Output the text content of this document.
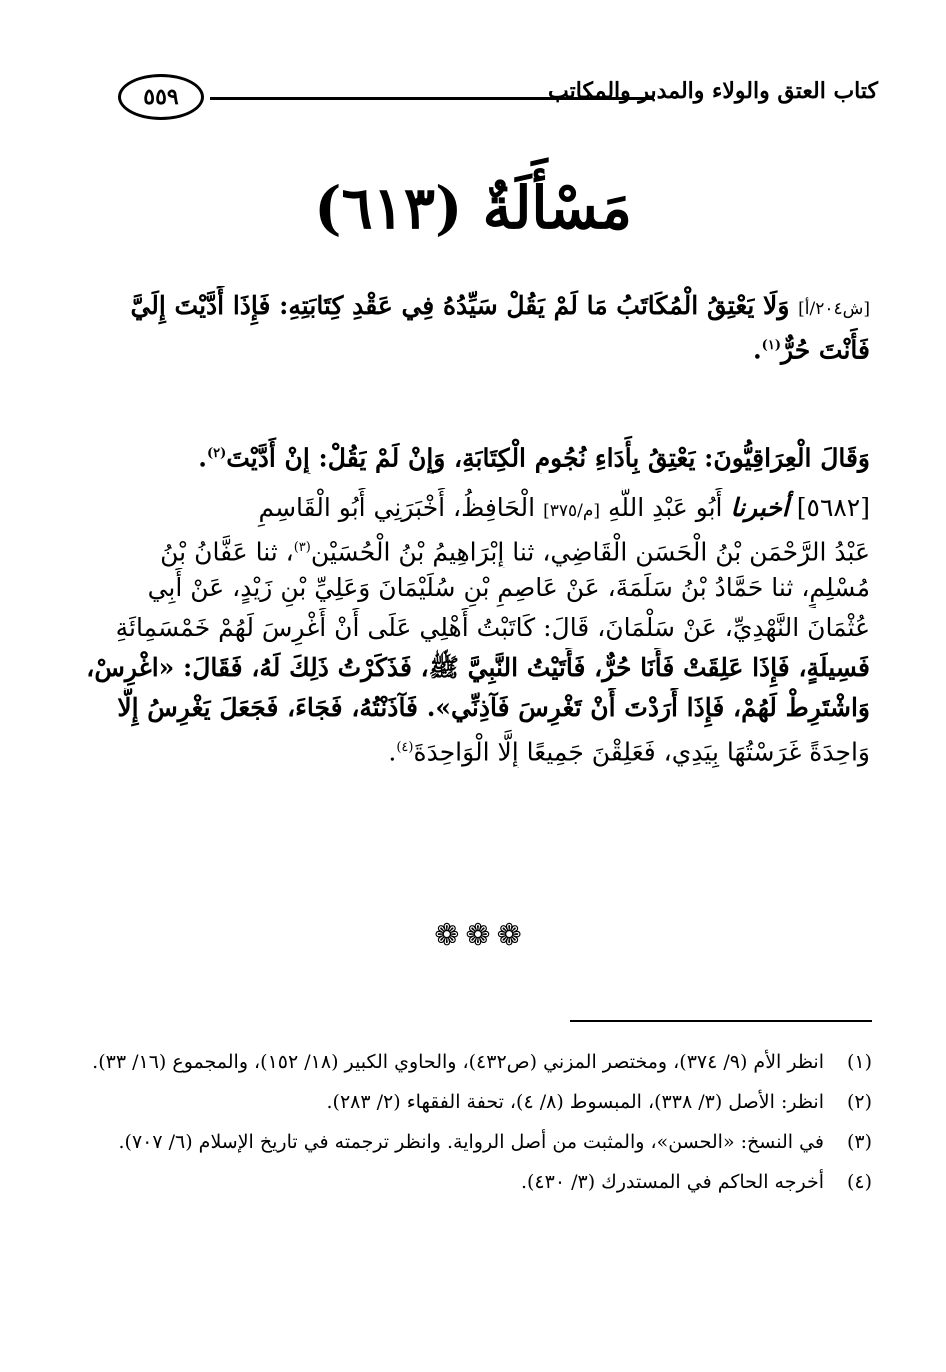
٥٥٩	كتاب العتق والولاء والمدبر والمكاتب
مَسْأَلَةٌ (٦١٣)
[ش٢٠٤/أ] وَلَا يَعْتِقُ الْمُكَاتَبُ مَا لَمْ يَقُلْ سَيِّدُهُ فِي عَقْدِ كِتَابَتِهِ: فَإِذَا أَدَّيْتَ إِلَيَّ
فَأَنْتَ حُرٌّ$^{(١)}$.
وَقَالَ الْعِرَاقِيُّونَ: يَعْتِقُ بِأَدَاءِ نُجُومِ الْكِتَابَةِ، وَإِنْ لَمْ يَقُلْ: إِنْ أَدَّيْتَ$^{(٢)}$.
[٥٦٨٢] أخبرنا أَبُو عَبْدِ اللَّهِ [م/٣٧٥] الْحَافِظُ، أَخْبَرَنِي أَبُو الْقَاسِمِ
عَبْدُ الرَّحْمَنِ بْنُ الْحَسَنِ الْقَاضِي، ثنا إِبْرَاهِيمُ بْنُ الْحُسَيْنِ$^{(٣)}$، ثنا عَفَّانُ بْنُ
مُسْلِمٍ، ثنا حَمَّادُ بْنُ سَلَمَةَ، عَنْ عَاصِمِ بْنِ سُلَيْمَانَ وَعَلِيِّ بْنِ زَيْدٍ، عَنْ أَبِي
عُثْمَانَ النَّهْدِيِّ، عَنْ سَلْمَانَ، قَالَ: كَاتَبْتُ أَهْلِي عَلَى أَنْ أَغْرِسَ لَهُمْ خَمْسَمِائَةِ
فَسِيلَةٍ، فَإِذَا عَلِقَتْ فَأَنَا حُرٌّ، فَأَتَيْتُ النَّبِيَّ ﷺ، فَذَكَرْتُ ذَلِكَ لَهُ، فَقَالَ: «اغْرِسْ،
وَاشْتَرِطْ لَهُمْ، فَإِذَا أَرَدْتَ أَنْ تَغْرِسَ فَآذِنِّي». فَآذَنْتُهُ، فَجَاءَ، فَجَعَلَ يَغْرِسُ إِلَّا
وَاحِدَةً غَرَسْتُهَا بِيَدِي، فَعَلِقْنَ جَمِيعًا إِلَّا الْوَاحِدَةَ$^{(٤)}$.
❁ ❁ ❁
(١)
انظر الأم (٩/ ٣٧٤)، ومختصر المزني (ص٤٣٢)، والحاوي الكبير (١٨/ ١٥٢)، والمجموع (١٦/ ٣٣).
(٢)
انظر: الأصل (٣/ ٣٣٨)، المبسوط (٨/ ٤)، تحفة الفقهاء (٢/ ٢٨٣).
(٣)
في النسخ: «الحسن»، والمثبت من أصل الرواية. وانظر ترجمته في تاريخ الإسلام (٦/ ٧٠٧).
(٤)
أخرجه الحاكم في المستدرك (٣/ ٤٣٠).
